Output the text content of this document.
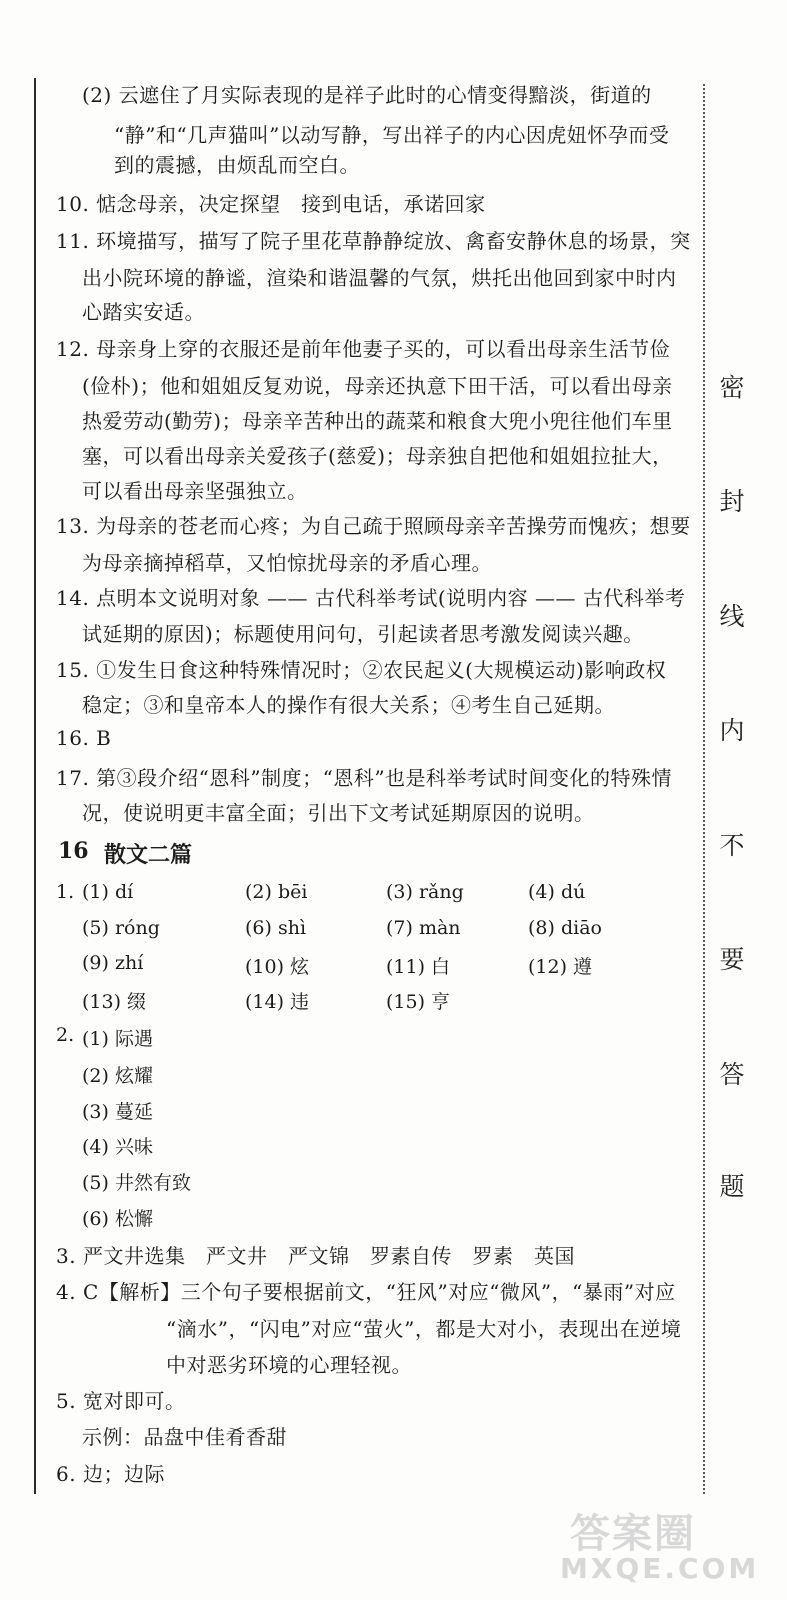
密
封
线
内
不
要
答
题
(2) 云遮住了月实际表现的是祥子此时的心情变得黯淡，街道的
“静”和“几声猫叫”以动写静，写出祥子的内心因虎妞怀孕而受
到的震撼，由烦乱而空白。
10. 惦念母亲，决定探望　接到电话，承诺回家
11. 环境描写，描写了院子里花草静静绽放、禽畜安静休息的场景，突
出小院环境的静谧，渲染和谐温馨的气氛，烘托出他回到家中时内
心踏实安适。
12. 母亲身上穿的衣服还是前年他妻子买的，可以看出母亲生活节俭
(俭朴)；他和姐姐反复劝说，母亲还执意下田干活，可以看出母亲
热爱劳动(勤劳)；母亲辛苦种出的蔬菜和粮食大兜小兜往他们车里
塞，可以看出母亲关爱孩子(慈爱)；母亲独自把他和姐姐拉扯大，
可以看出母亲坚强独立。
13. 为母亲的苍老而心疼；为自己疏于照顾母亲辛苦操劳而愧疚；想要
为母亲摘掉稻草，又怕惊扰母亲的矛盾心理。
14. 点明本文说明对象 —— 古代科举考试(说明内容 —— 古代科举考
试延期的原因)；标题使用问句，引起读者思考激发阅读兴趣。
15. ①发生日食这种特殊情况时；②农民起义(大规模运动)影响政权
稳定；③和皇帝本人的操作有很大关系；④考生自己延期。
16. B
17. 第③段介绍“恩科”制度；“恩科”也是科举考试时间变化的特殊情
况，使说明更丰富全面；引出下文考试延期原因的说明。
16 散文二篇
1. (1) dí	(2) bēi	(3) rǎng	(4) dú
(5) róng	(6) shì	(7) màn	(8) diāo
(9) zhí	(10) 炫	(11) 白	(12) 遵
(13) 缀	(14) 违	(15) 亨
2. (1) 际遇
(2) 炫耀
(3) 蔓延
(4) 兴味
(5) 井然有致
(6) 松懈
3. 严文井选集　严文井　严文锦　罗素自传　罗素　英国
4. C【解析】三个句子要根据前文，“狂风”对应“微风”，“暴雨”对应
“滴水”，“闪电”对应“萤火”，都是大对小，表现出在逆境
中对恶劣环境的心理轻视。
5. 宽对即可。
示例：品盘中佳肴香甜
6. 边；边际
答案圈
MXQE.COM
